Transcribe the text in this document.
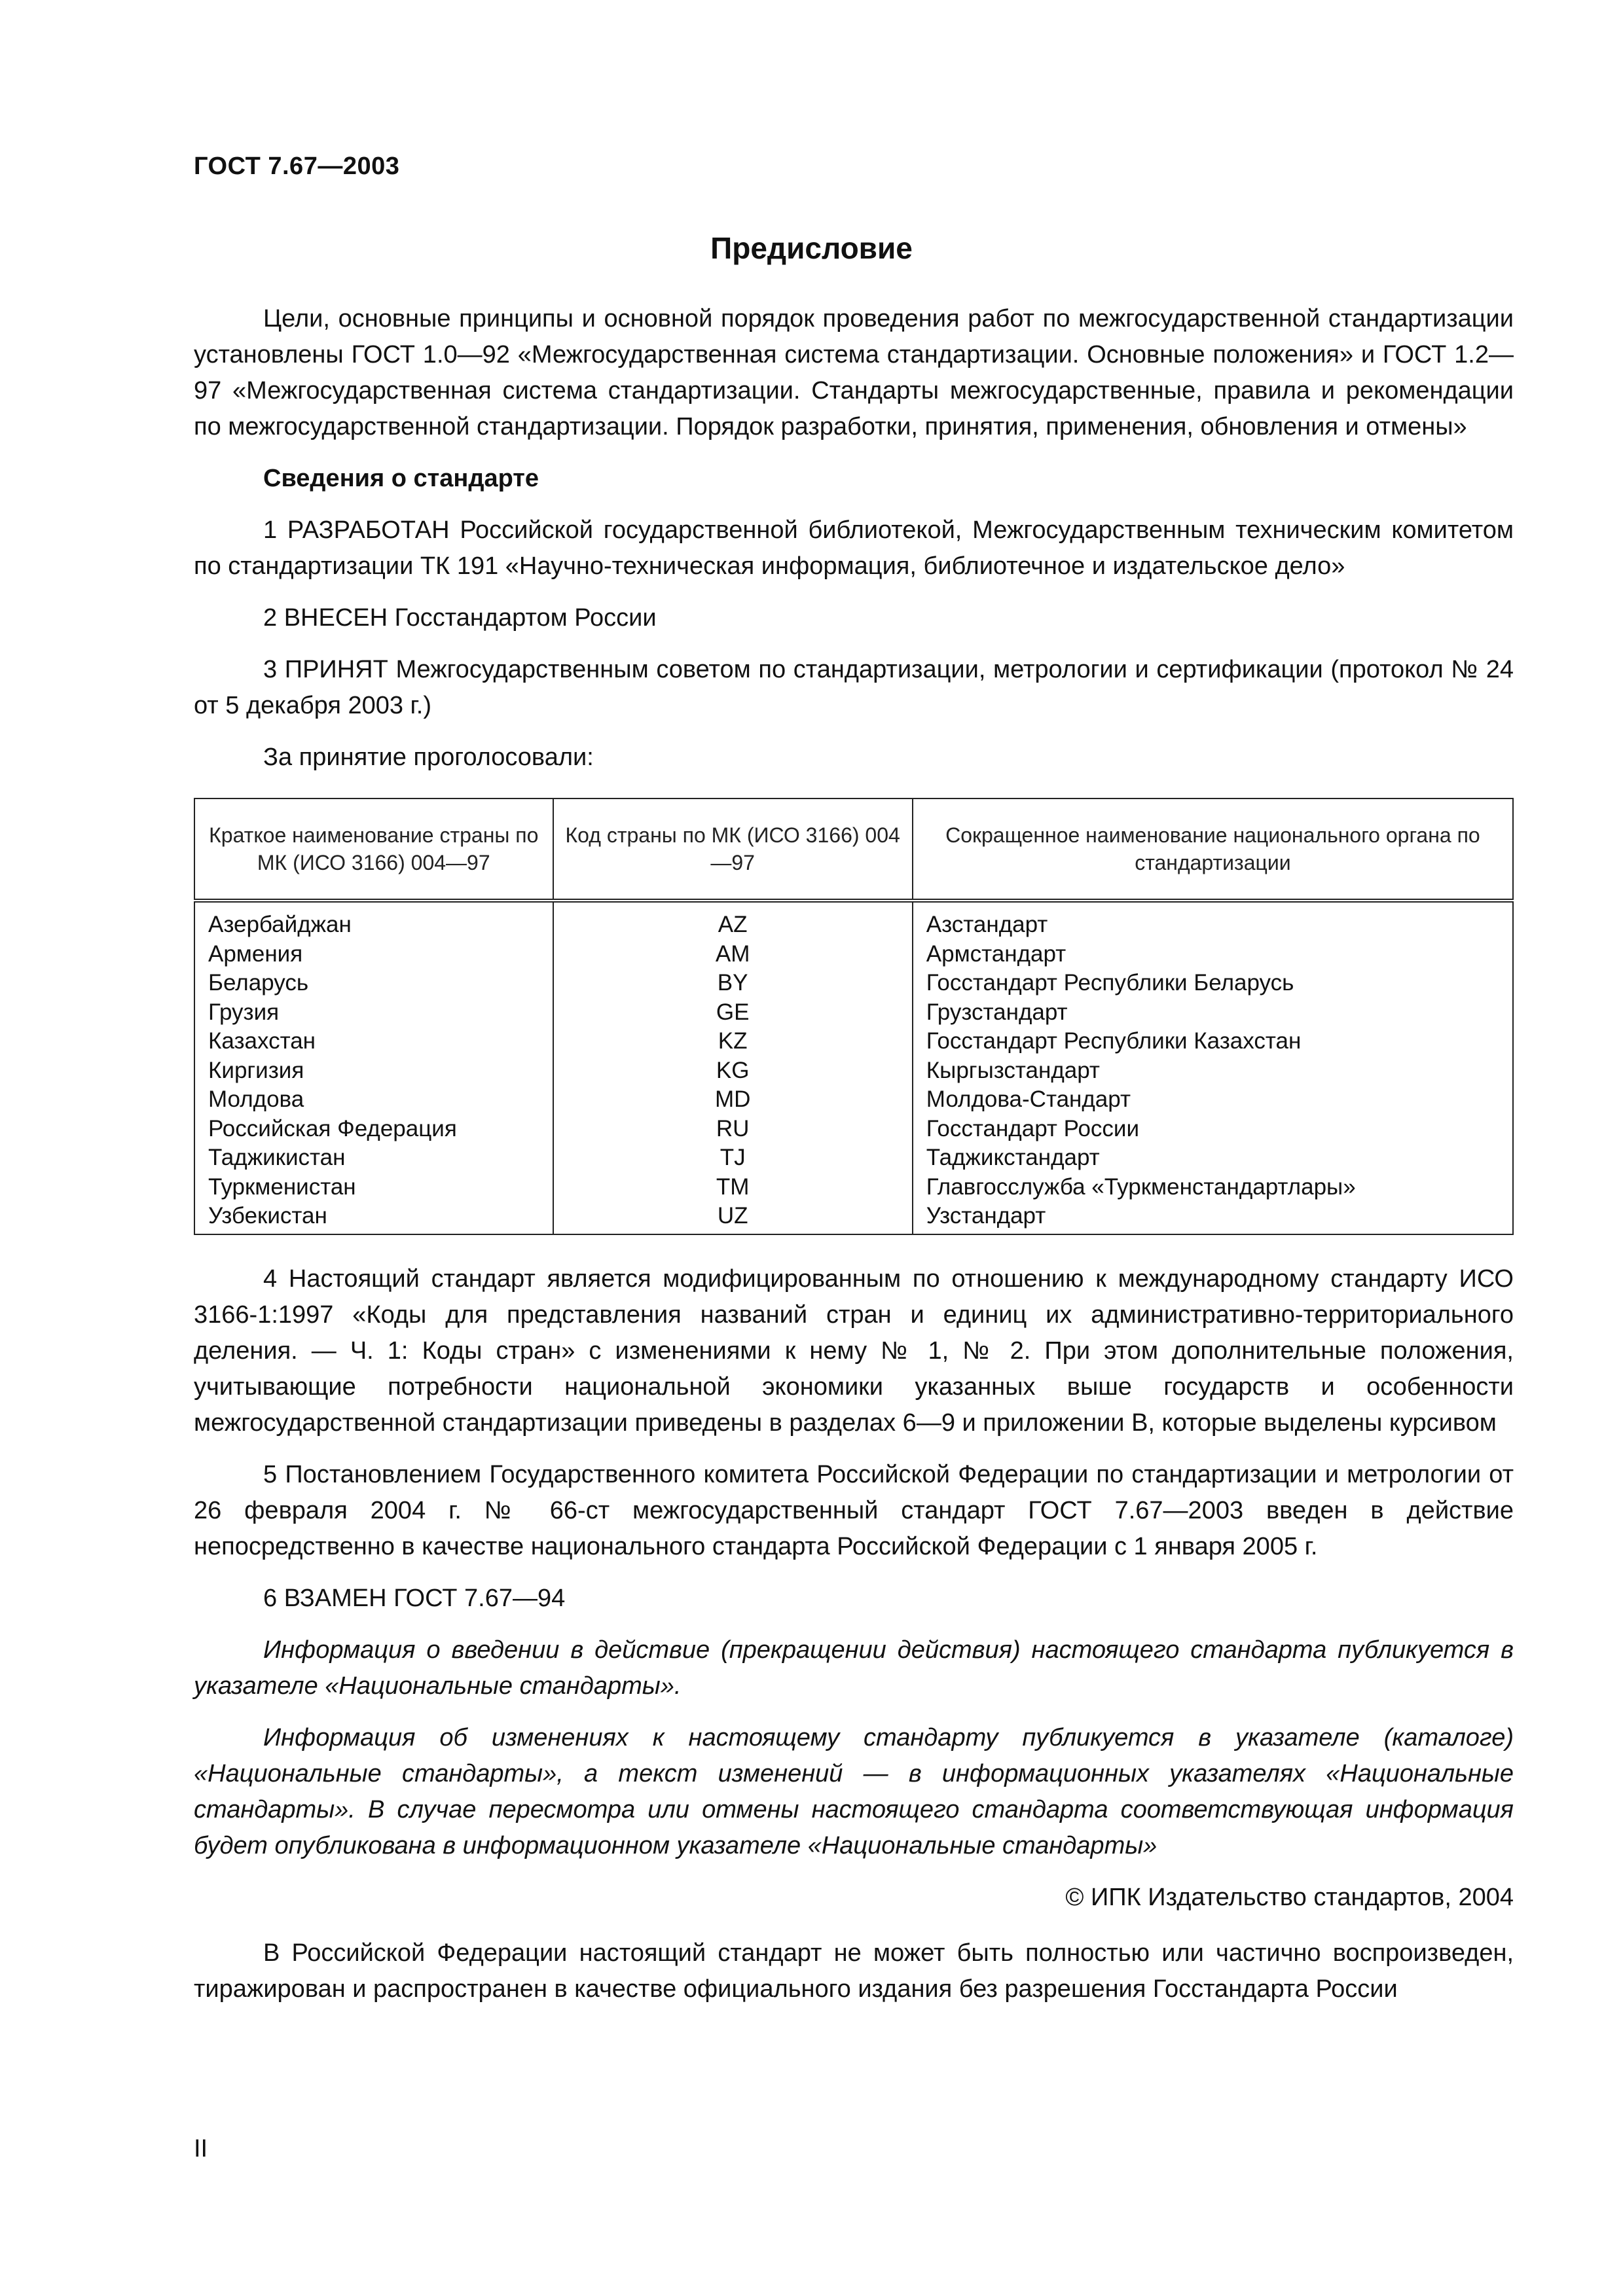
ГОСТ 7.67—2003
Предисловие

Цели, основные принципы и основной порядок проведения работ по межгосударственной стандартизации установлены ГОСТ 1.0—92 «Межгосударственная система стандартизации. Основные положения» и ГОСТ 1.2—97 «Межгосударственная система стандартизации. Стандарты межгосударственные, правила и рекомендации по межгосударственной стандартизации. Порядок разработки, принятия, применения, обновления и отмены»

Сведения о стандарте

1 РАЗРАБОТАН Российской государственной библиотекой, Межгосударственным техническим комитетом по стандартизации ТК 191 «Научно-техническая информация, библиотечное и издательское дело»

2 ВНЕСЕН Госстандартом России

3 ПРИНЯТ Межгосударственным советом по стандартизации, метрологии и сертификации (протокол № 24 от 5 декабря 2003 г.)

За принятие проголосовали:

Краткое наименование страны по МК (ИСО 3166) 004—97	Код страны по МК (ИСО 3166) 004—97	Сокращенное наименование национального органа по стандартизации
Азербайджан	AZ	Азстандарт
Армения	AM	Армстандарт
Беларусь	BY	Госстандарт Республики Беларусь
Грузия	GE	Грузстандарт
Казахстан	KZ	Госстандарт Республики Казахстан
Киргизия	KG	Кыргызстандарт
Молдова	MD	Молдова-Стандарт
Российская Федерация	RU	Госстандарт России
Таджикистан	TJ	Таджикстандарт
Туркменистан	TM	Главгосслужба «Туркменстандартлары»
Узбекистан	UZ	Узстандарт

4 Настоящий стандарт является модифицированным по отношению к международному стандарту ИСО 3166-1:1997 «Коды для представления названий стран и единиц их административно-территориального деления. — Ч. 1: Коды стран» с изменениями к нему № 1, № 2. При этом дополнительные положения, учитывающие потребности национальной экономики указанных выше государств и особенности межгосударственной стандартизации приведены в разделах 6—9 и приложении В, которые выделены курсивом

5 Постановлением Государственного комитета Российской Федерации по стандартизации и метрологии от 26 февраля 2004 г. № 66-ст межгосударственный стандарт ГОСТ 7.67—2003 введен в действие непосредственно в качестве национального стандарта Российской Федерации с 1 января 2005 г.

6 ВЗАМЕН ГОСТ 7.67—94

Информация о введении в действие (прекращении действия) настоящего стандарта публикуется в указателе «Национальные стандарты».

Информация об изменениях к настоящему стандарту публикуется в указателе (каталоге) «Национальные стандарты», а текст изменений — в информационных указателях «Национальные стандарты». В случае пересмотра или отмены настоящего стандарта соответствующая информация будет опубликована в информационном указателе «Национальные стандарты»

© ИПК Издательство стандартов, 2004

В Российской Федерации настоящий стандарт не может быть полностью или частично воспроизведен, тиражирован и распространен в качестве официального издания без разрешения Госстандарта России

II
